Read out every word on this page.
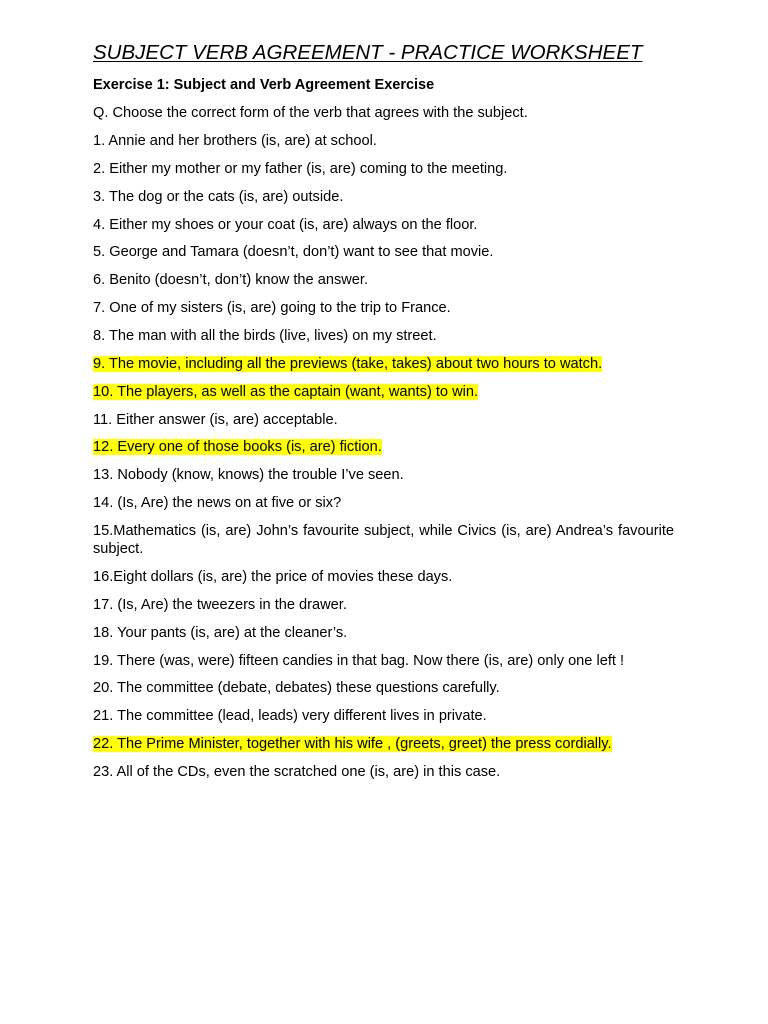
SUBJECT VERB AGREEMENT - PRACTICE WORKSHEET
Exercise 1: Subject and Verb Agreement Exercise
Q. Choose the correct form of the verb that agrees with the subject.
1. Annie and her brothers (is, are) at school.
2. Either my mother or my father (is, are) coming to the meeting.
3. The dog or the cats (is, are) outside.
4. Either my shoes or your coat (is, are) always on the floor.
5. George and Tamara (doesn’t, don’t) want to see that movie.
6. Benito (doesn’t, don’t) know the answer.
7. One of my sisters (is, are) going to the trip to France.
8. The man with all the birds (live, lives) on my street.
9. The movie, including all the previews (take, takes) about two hours to watch.
10. The players, as well as the captain (want, wants) to win.
11. Either answer (is, are) acceptable.
12. Every one of those books (is, are) fiction.
13. Nobody (know, knows) the trouble I’ve seen.
14. (Is, Are) the news on at five or six?
15.Mathematics (is, are) John’s favourite subject, while Civics (is, are) Andrea’s favourite subject.
16.Eight dollars (is, are) the price of movies these days.
17. (Is, Are) the tweezers in the drawer.
18. Your pants (is, are) at the cleaner’s.
19. There (was, were) fifteen candies in that bag. Now there (is, are) only one left !
20. The committee (debate, debates) these questions carefully.
21. The committee (lead, leads) very different lives in private.
22. The Prime Minister, together with his wife , (greets, greet) the press cordially.
23. All of the CDs, even the scratched one (is, are) in this case.
